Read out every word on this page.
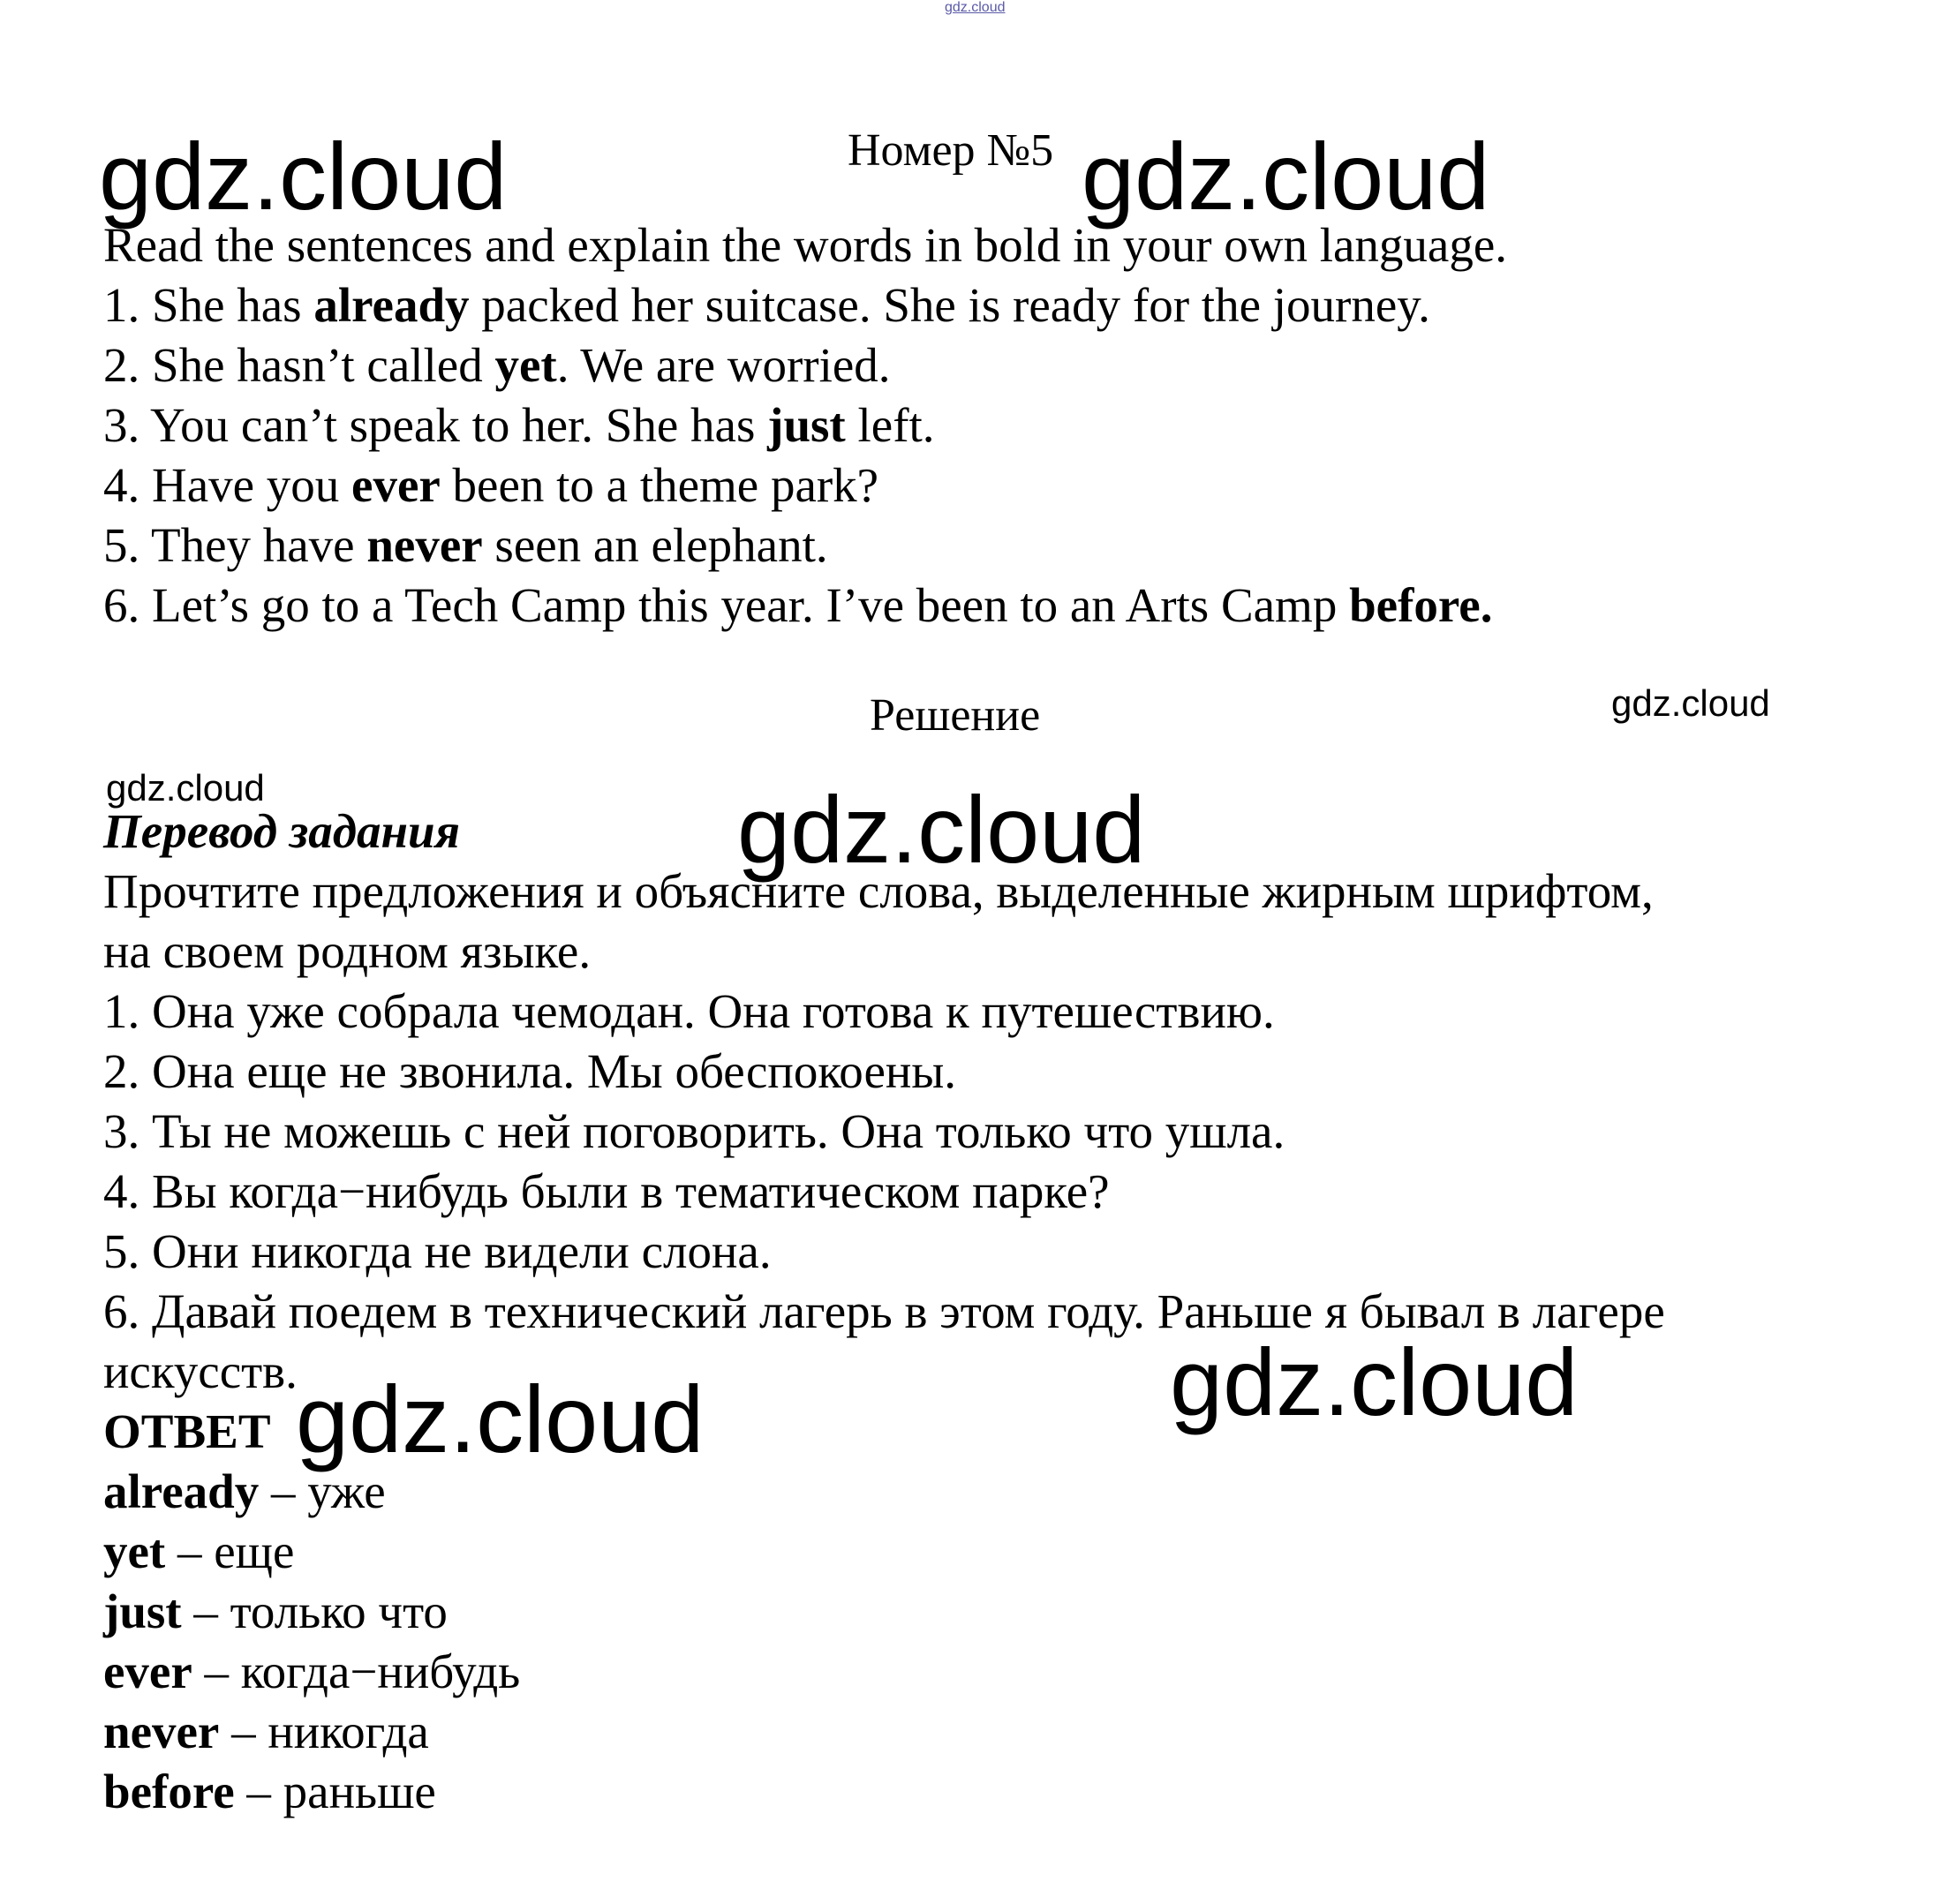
gdz.cloud
gdz.cloud	Номер №5 gdz.cloud
Read the sentences and explain the words in bold in your own language.
1. She has already packed her suitcase. She is ready for the journey.
2. She hasn’t called yet. We are worried.
3. You can’t speak to her. She has just left.
4. Have you ever been to a theme park?
5. They have never seen an elephant.
6. Let’s go to a Tech Camp this year. I’ve been to an Arts Camp before.
Решение	gdz.cloud
gdz.cloud
Перевод задания	gdz.cloud
Прочтите предложения и объясните слова, выделенные жирным шрифтом,
на своем родном языке.
1. Она уже собрала чемодан. Она готова к путешествию.
2. Она еще не звонила. Мы обеспокоены.
3. Ты не можешь с ней поговорить. Она только что ушла.
4. Вы когда−нибудь были в тематическом парке?
5. Они никогда не видели слона.
6. Давай поедем в технический лагерь в этом году. Раньше я бывал в лагере
искусств.	gdz.cloud
ОТВЕТ gdz.cloud
already – уже
yet – еще
just – только что
ever – когда−нибудь
never – никогда
before – раньше
